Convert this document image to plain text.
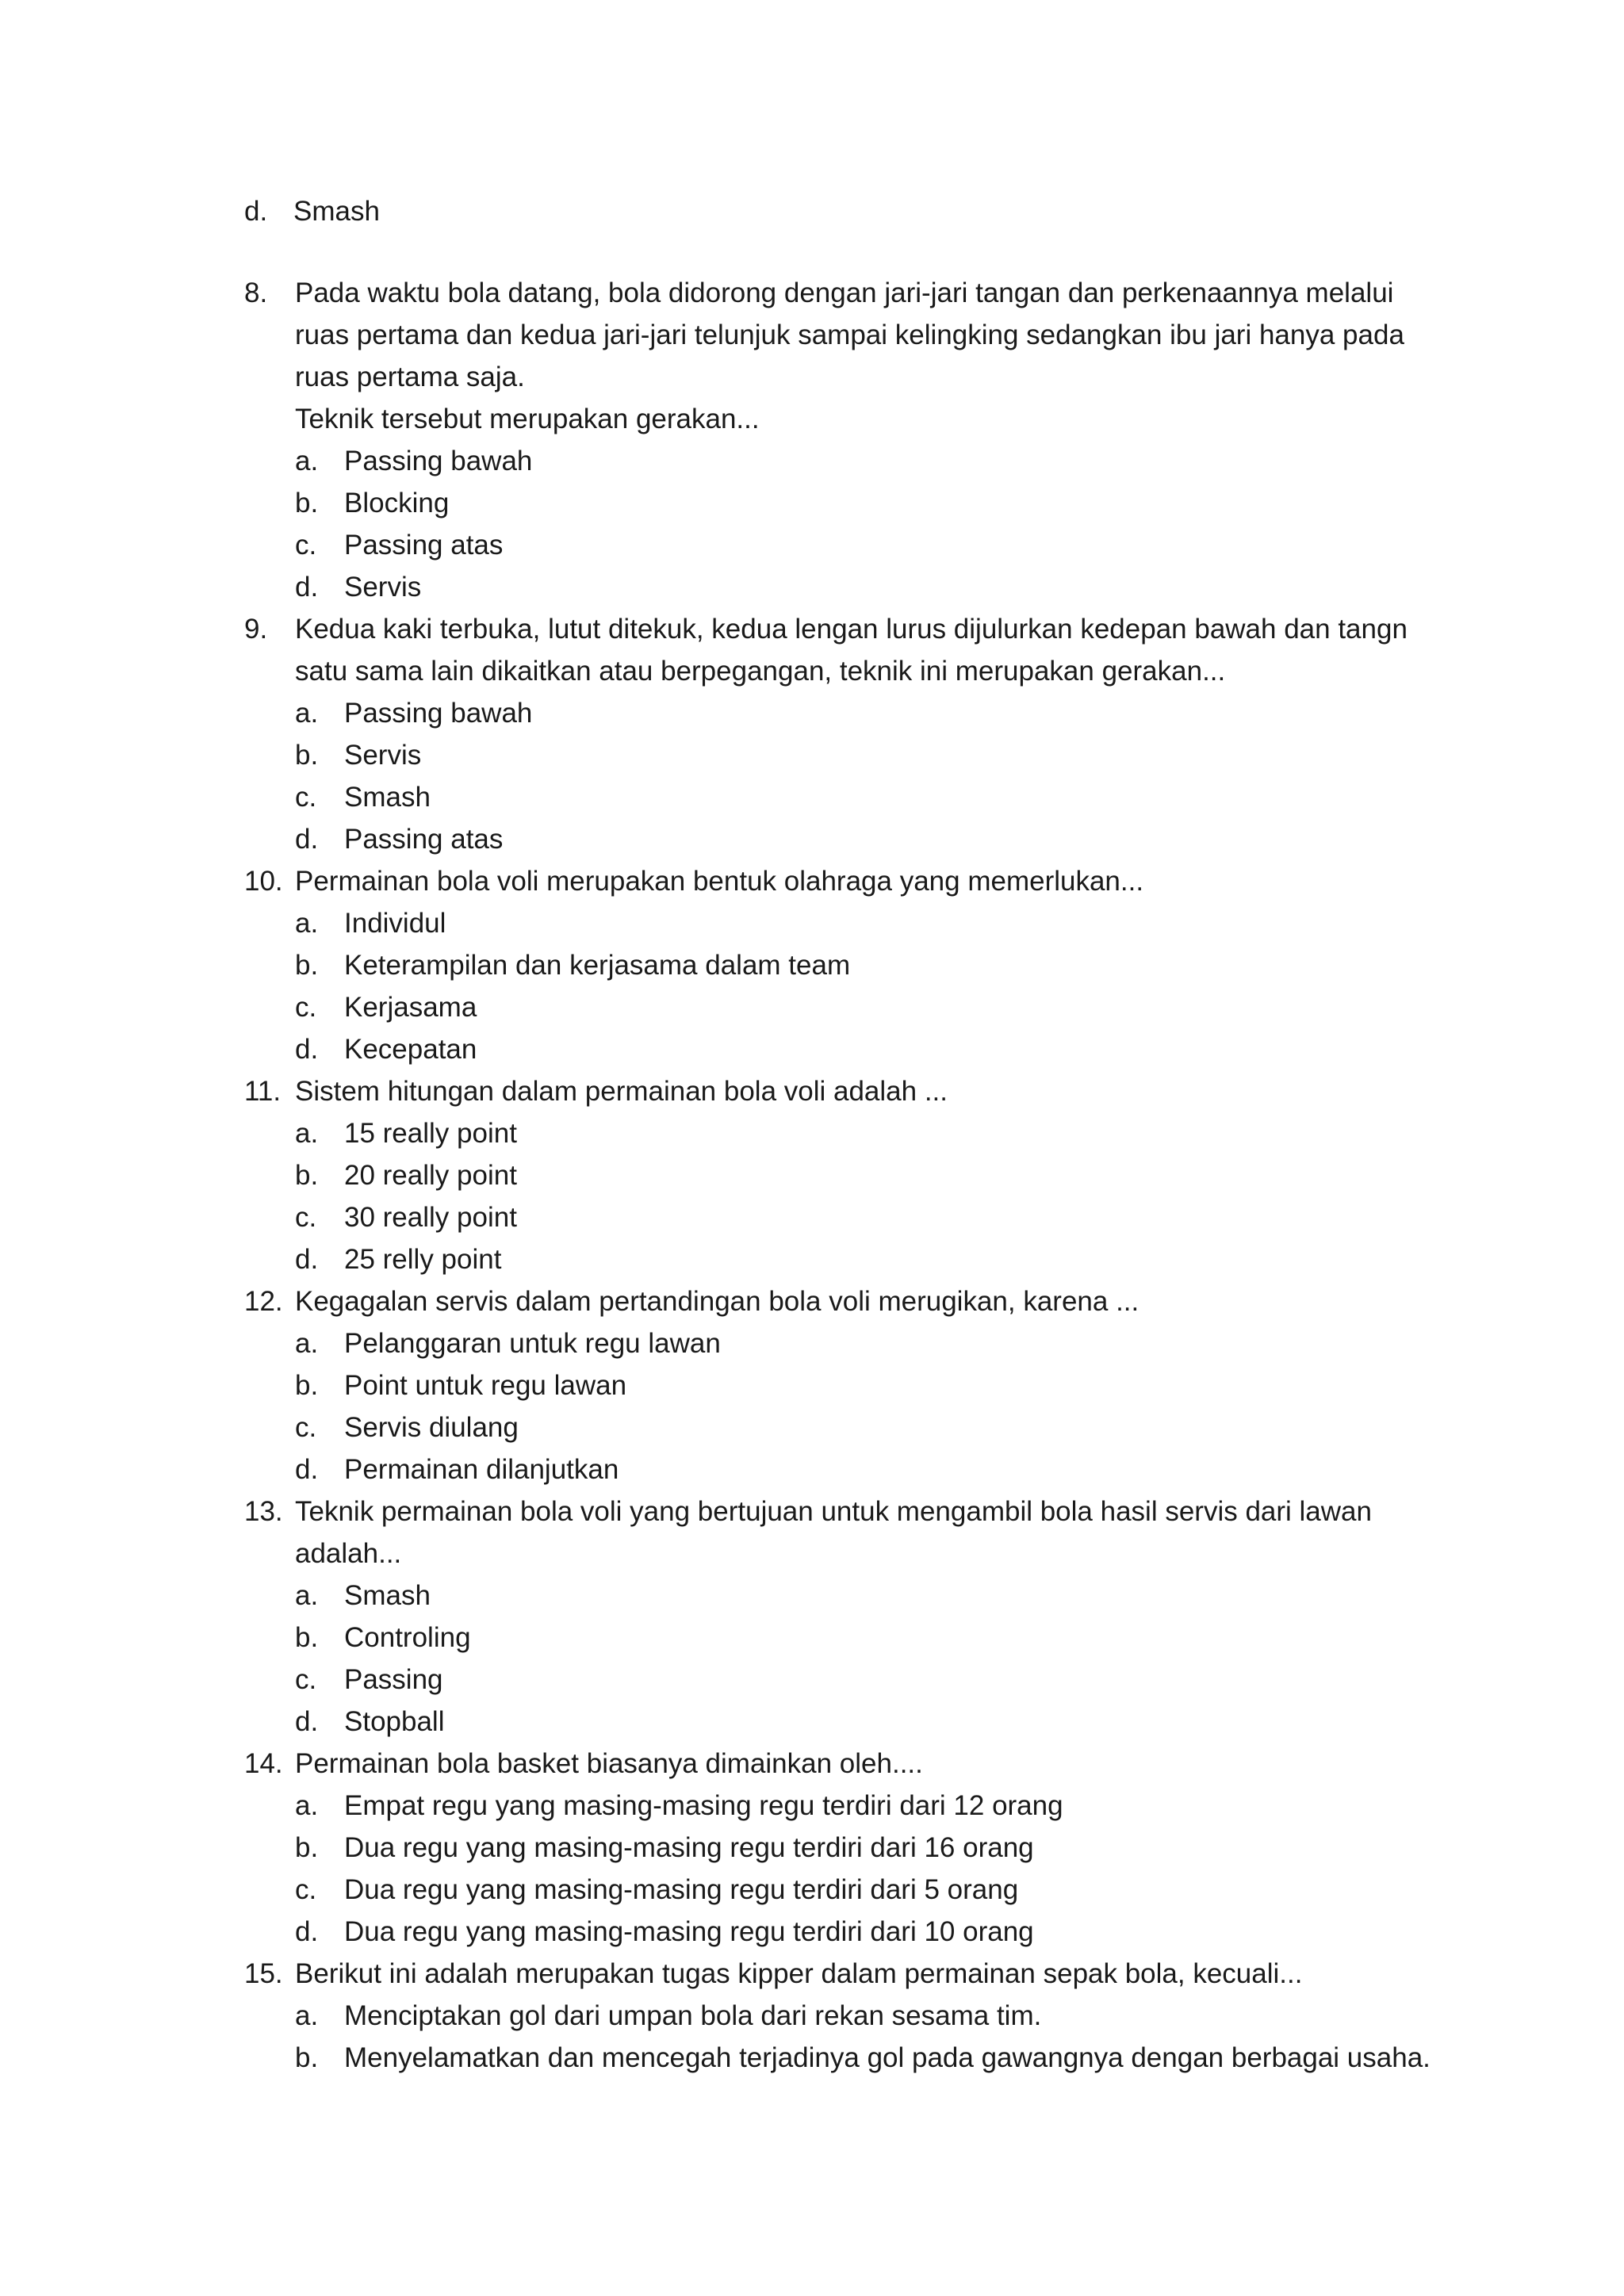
d. Smash
8. Pada waktu bola datang, bola didorong dengan jari-jari tangan dan perkenaannya melalui
ruas pertama dan kedua jari-jari telunjuk sampai kelingking sedangkan ibu jari hanya pada
ruas pertama saja.
Teknik tersebut merupakan gerakan...
a. Passing bawah
b. Blocking
c. Passing atas
d. Servis
9. Kedua kaki terbuka, lutut ditekuk, kedua lengan lurus dijulurkan kedepan bawah dan tangn
satu sama lain dikaitkan atau berpegangan, teknik ini merupakan gerakan...
a. Passing bawah
b. Servis
c. Smash
d. Passing atas
10. Permainan bola voli merupakan bentuk olahraga yang memerlukan...
a. Individul
b. Keterampilan dan kerjasama dalam team
c. Kerjasama
d. Kecepatan
11. Sistem hitungan dalam permainan bola voli adalah ...
a. 15 really point
b. 20 really point
c. 30 really point
d. 25 relly point
12. Kegagalan servis dalam pertandingan bola voli merugikan, karena ...
a. Pelanggaran untuk regu lawan
b. Point untuk regu lawan
c. Servis diulang
d. Permainan dilanjutkan
13. Teknik permainan bola voli yang bertujuan untuk mengambil bola hasil servis dari lawan
adalah...
a. Smash
b. Controling
c. Passing
d. Stopball
14. Permainan bola basket biasanya dimainkan oleh....
a. Empat regu yang masing-masing regu terdiri dari 12 orang
b. Dua regu yang masing-masing regu terdiri dari 16 orang
c. Dua regu yang masing-masing regu terdiri dari 5 orang
d. Dua regu yang masing-masing regu terdiri dari 10 orang
15. Berikut ini adalah merupakan tugas kipper dalam permainan sepak bola, kecuali...
a. Menciptakan gol dari umpan bola dari rekan sesama tim.
b. Menyelamatkan dan mencegah terjadinya gol pada gawangnya dengan berbagai usaha.
